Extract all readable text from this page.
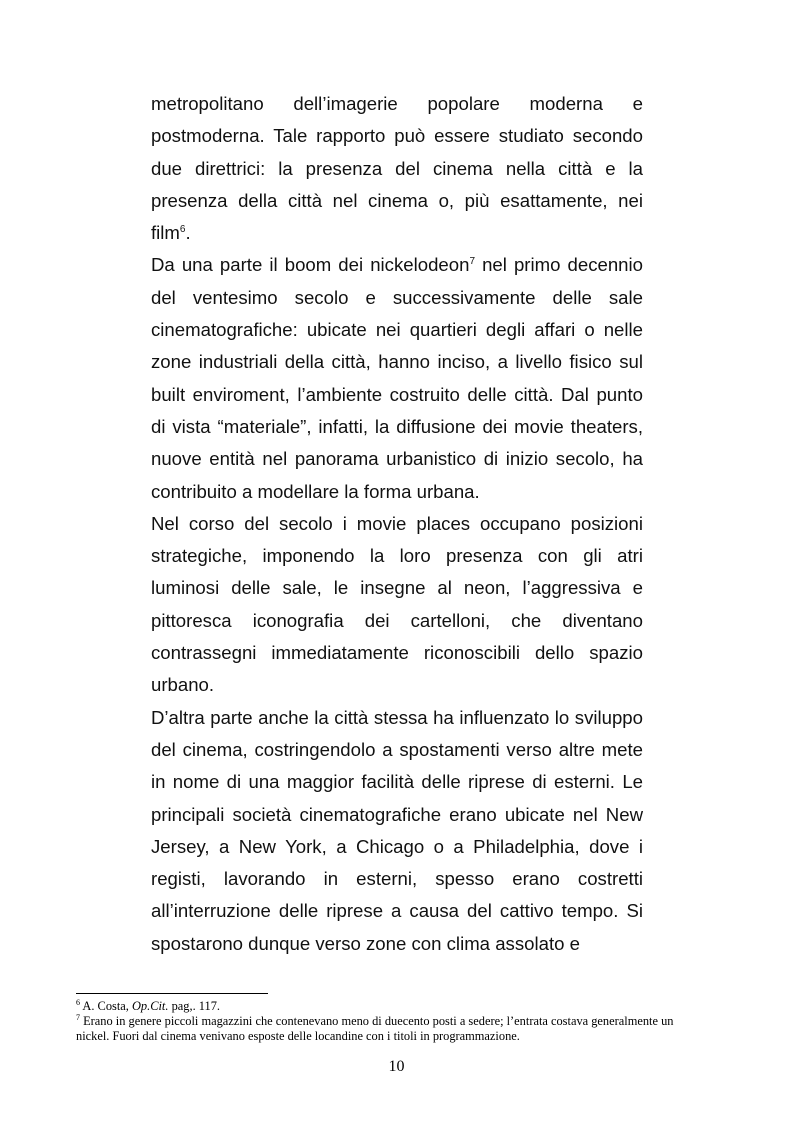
metropolitano dell’imagerie popolare moderna e postmoderna. Tale rapporto può essere studiato secondo due direttrici: la presenza del cinema nella città e la presenza della città nel cinema o, più esattamente, nei film$^6$.

Da una parte il boom dei nickelodeon$^7$ nel primo decennio del ventesimo secolo e successivamente delle sale cinematografiche: ubicate nei quartieri degli affari o nelle zone industriali della città, hanno inciso, a livello fisico sul built enviroment, l’ambiente costruito delle città. Dal punto di vista “materiale”, infatti, la diffusione dei movie theaters, nuove entità nel panorama urbanistico di inizio secolo, ha contribuito a modellare la forma urbana.

Nel corso del secolo i movie places occupano posizioni strategiche, imponendo la loro presenza con gli atri luminosi delle sale, le insegne al neon, l’aggressiva e pittoresca iconografia dei cartelloni, che diventano contrassegni immediatamente riconoscibili dello spazio urbano.

D’altra parte anche la città stessa ha influenzato lo sviluppo del cinema, costringendolo a spostamenti verso altre mete in nome di una maggior facilità delle riprese di esterni. Le principali società cinematografiche erano ubicate nel New Jersey, a New York, a Chicago o a Philadelphia, dove i registi, lavorando in esterni, spesso erano costretti all’interruzione delle riprese a causa del cattivo tempo. Si spostarono dunque verso zone con clima assolato e

$^6$ A. Costa, Op.Cit. pag,. 117.

$^7$ Erano in genere piccoli magazzini che contenevano meno di duecento posti a sedere; l’entrata costava generalmente un nickel. Fuori dal cinema venivano esposte delle locandine con i titoli in programmazione.

10
